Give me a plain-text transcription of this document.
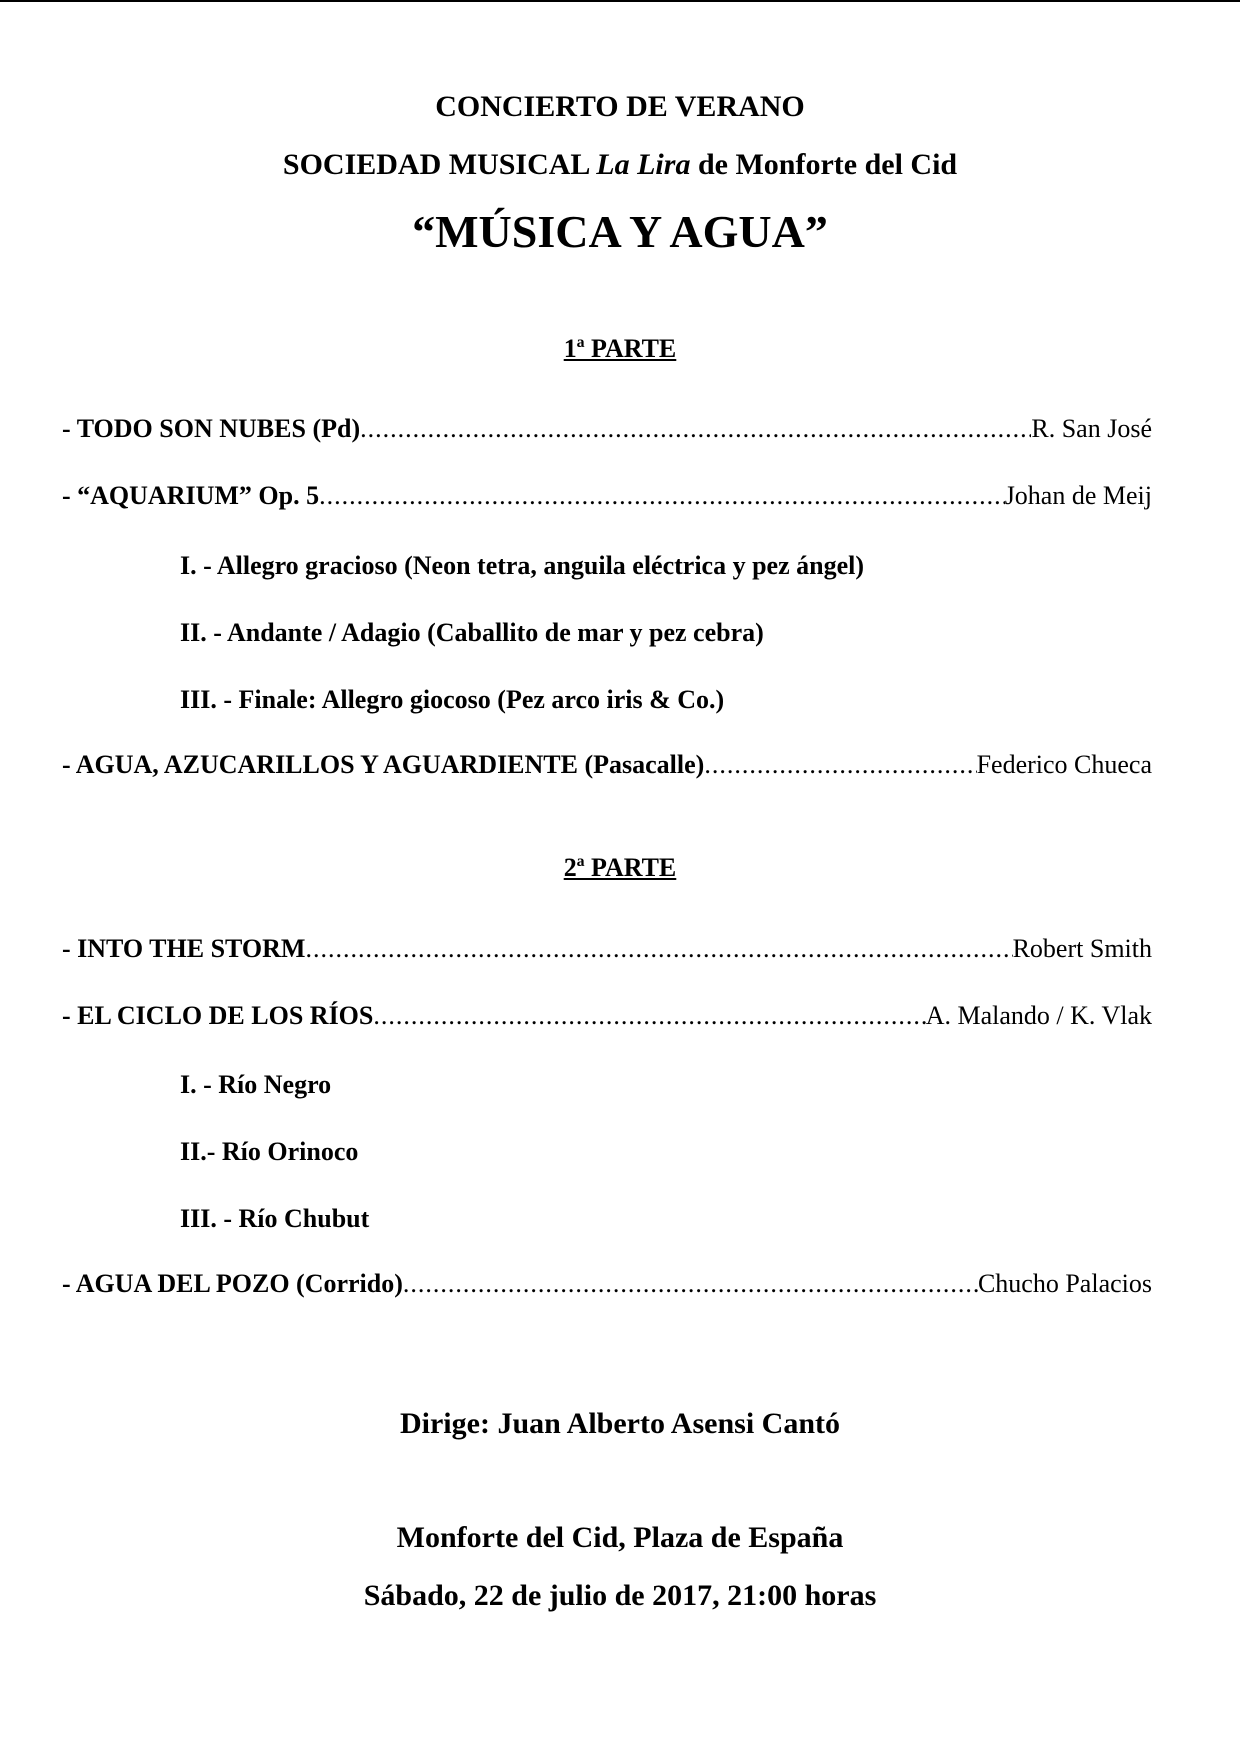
CONCIERTO DE VERANO
SOCIEDAD MUSICAL La Lira de Monforte del Cid
“MÚSICA Y AGUA”
1ª PARTE
- TODO SON NUBES (Pd) .....	R. San José
- “AQUARIUM” Op. 5 .....	Johan de Meij
I. - Allegro gracioso (Neon tetra, anguila eléctrica y pez ángel)
II. - Andante / Adagio (Caballito de mar y pez cebra)
III. - Finale: Allegro giocoso (Pez arco iris & Co.)
- AGUA, AZUCARILLOS Y AGUARDIENTE (Pasacalle) .....	Federico Chueca
2ª PARTE
- INTO THE STORM .....	Robert Smith
- EL CICLO DE LOS RÍOS .....	A. Malando / K. Vlak
I. - Río Negro
II.- Río Orinoco
III. - Río Chubut
- AGUA DEL POZO (Corrido) .....	Chucho Palacios
Dirige: Juan Alberto Asensi Cantó
Monforte del Cid, Plaza de España
Sábado, 22 de julio de 2017, 21:00 horas
